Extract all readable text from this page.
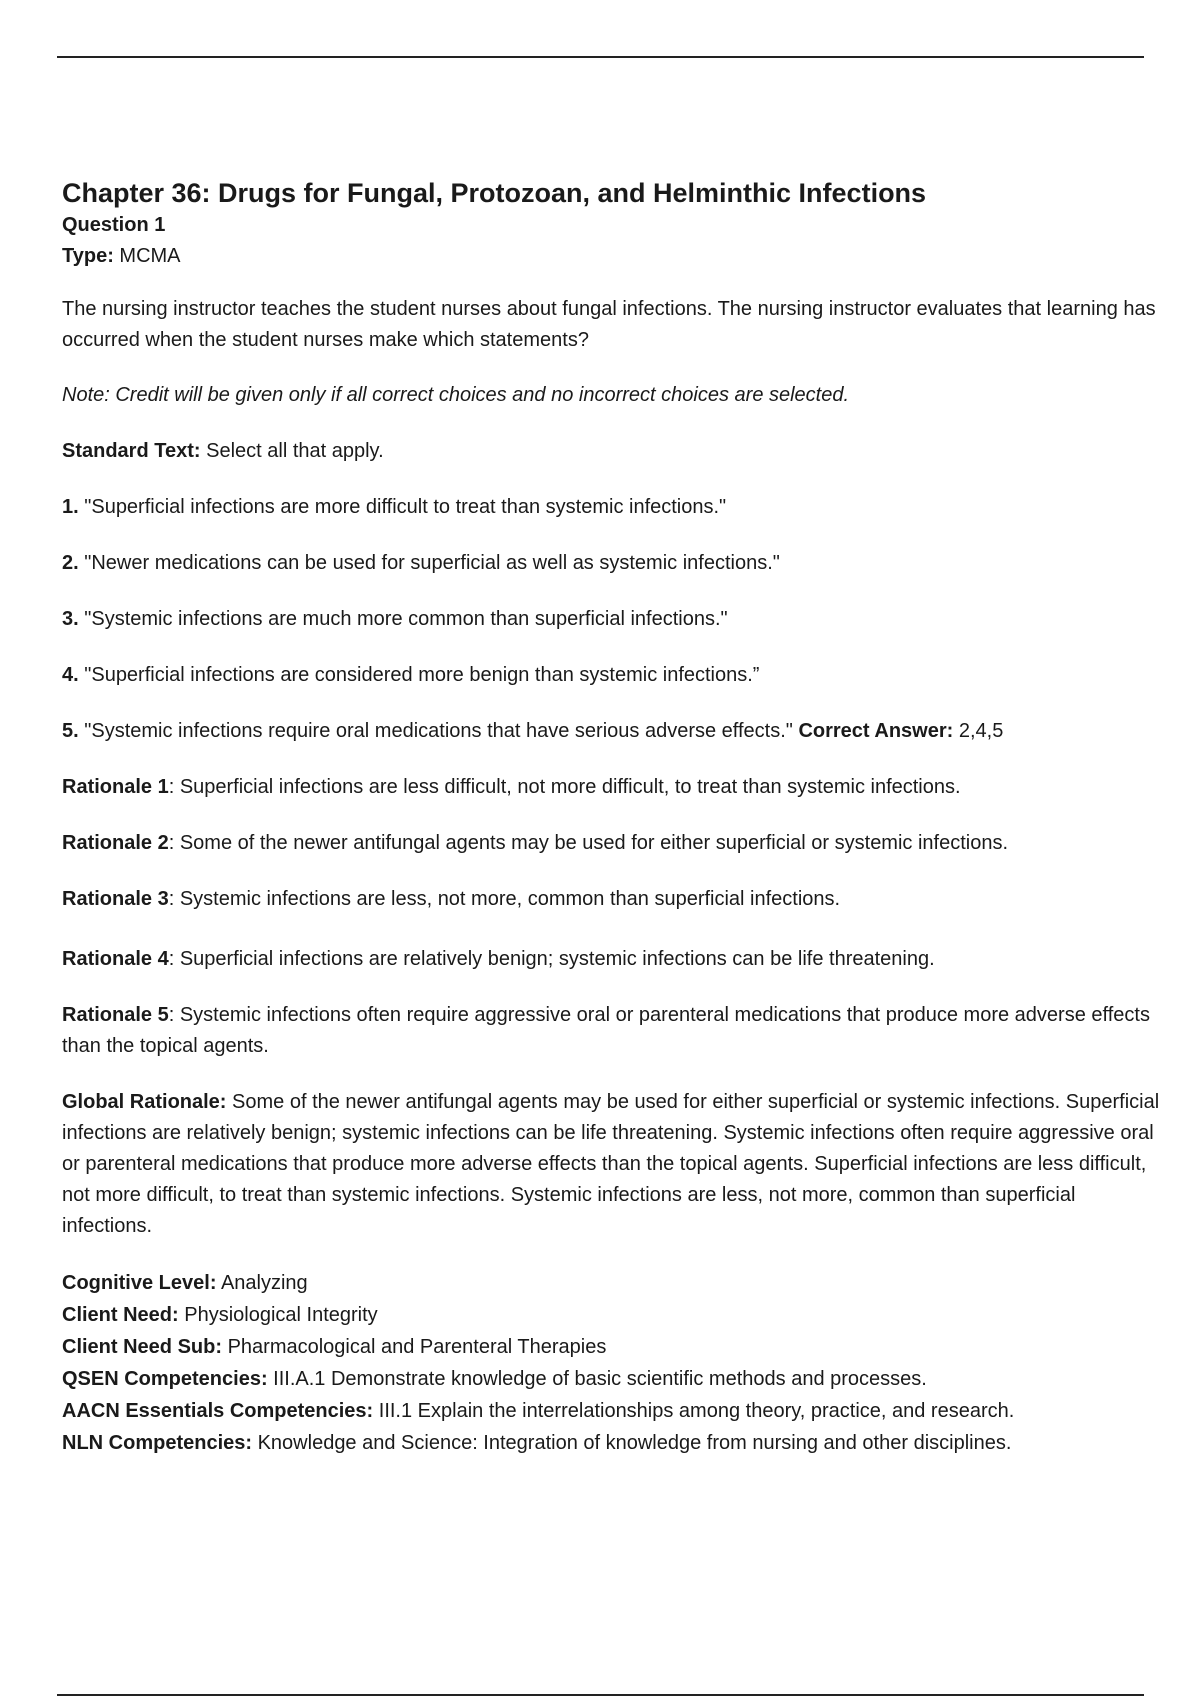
Chapter 36: Drugs for Fungal, Protozoan, and Helminthic Infections

Question 1

Type: MCMA

The nursing instructor teaches the student nurses about fungal infections. The nursing instructor evaluates that learning has occurred when the student nurses make which statements?

Note: Credit will be given only if all correct choices and no incorrect choices are selected.

Standard Text: Select all that apply.

1. "Superficial infections are more difficult to treat than systemic infections."

2. "Newer medications can be used for superficial as well as systemic infections."

3. "Systemic infections are much more common than superficial infections."

4. "Superficial infections are considered more benign than systemic infections.”

5. "Systemic infections require oral medications that have serious adverse effects." Correct Answer: 2,4,5

Rationale 1: Superficial infections are less difficult, not more difficult, to treat than systemic infections.

Rationale 2: Some of the newer antifungal agents may be used for either superficial or systemic infections.

Rationale 3: Systemic infections are less, not more, common than superficial infections.

Rationale 4: Superficial infections are relatively benign; systemic infections can be life threatening.

Rationale 5: Systemic infections often require aggressive oral or parenteral medications that produce more adverse effects than the topical agents.

Global Rationale: Some of the newer antifungal agents may be used for either superficial or systemic infections. Superficial infections are relatively benign; systemic infections can be life threatening. Systemic infections often require aggressive oral or parenteral medications that produce more adverse effects than the topical agents. Superficial infections are less difficult, not more difficult, to treat than systemic infections. Systemic infections are less, not more, common than superficial infections.

Cognitive Level: Analyzing
Client Need: Physiological Integrity
Client Need Sub: Pharmacological and Parenteral Therapies
QSEN Competencies: III.A.1 Demonstrate knowledge of basic scientific methods and processes.
AACN Essentials Competencies: III.1 Explain the interrelationships among theory, practice, and research.
NLN Competencies: Knowledge and Science: Integration of knowledge from nursing and other disciplines.
